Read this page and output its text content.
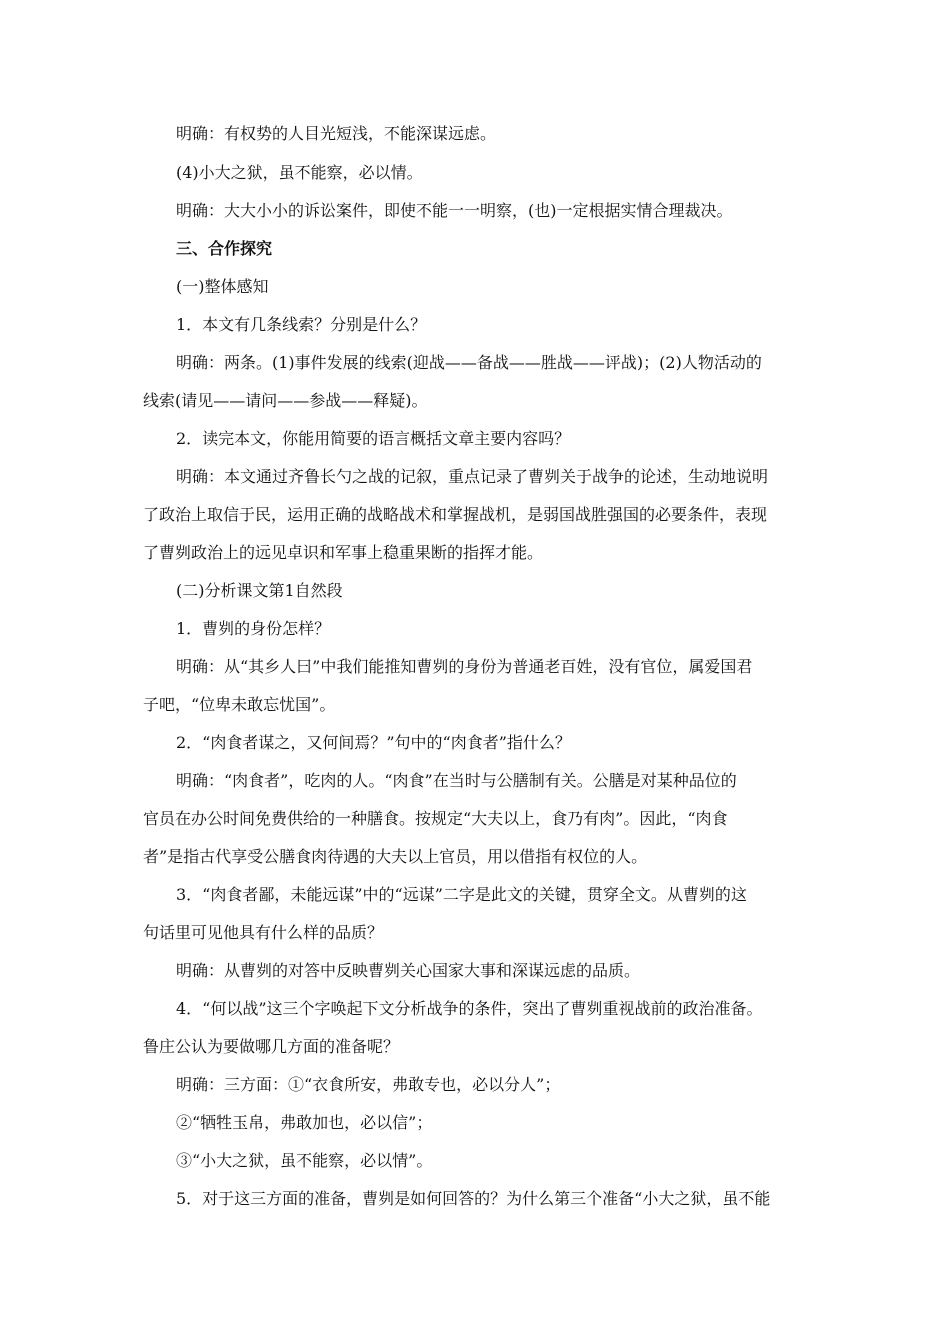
明确：有权势的人目光短浅，不能深谋远虑。
(4)小大之狱，虽不能察，必以情。
明确：大大小小的诉讼案件，即使不能一一明察，(也)一定根据实情合理裁决。
三、合作探究
(一)整体感知
1．本文有几条线索？分别是什么？
明确：两条。(1)事件发展的线索(迎战——备战——胜战——评战)；(2)人物活动的
线索(请见——请问——参战——释疑)。
2．读完本文，你能用简要的语言概括文章主要内容吗？
明确：本文通过齐鲁长勺之战的记叙，重点记录了曹刿关于战争的论述，生动地说明
了政治上取信于民，运用正确的战略战术和掌握战机，是弱国战胜强国的必要条件，表现
了曹刿政治上的远见卓识和军事上稳重果断的指挥才能。
(二)分析课文第1自然段
1．曹刿的身份怎样？
明确：从“其乡人曰”中我们能推知曹刿的身份为普通老百姓，没有官位，属爱国君
子吧，“位卑未敢忘忧国”。
2．“肉食者谋之，又何间焉？”句中的“肉食者”指什么？
明确：“肉食者”，吃肉的人。“肉食”在当时与公膳制有关。公膳是对某种品位的
官员在办公时间免费供给的一种膳食。按规定“大夫以上，食乃有肉”。因此，“肉食
者”是指古代享受公膳食肉待遇的大夫以上官员，用以借指有权位的人。
3．“肉食者鄙，未能远谋”中的“远谋”二字是此文的关键，贯穿全文。从曹刿的这
句话里可见他具有什么样的品质？
明确：从曹刿的对答中反映曹刿关心国家大事和深谋远虑的品质。
4．“何以战”这三个字唤起下文分析战争的条件，突出了曹刿重视战前的政治准备。
鲁庄公认为要做哪几方面的准备呢？
明确：三方面：①“衣食所安，弗敢专也，必以分人”；
②“牺牲玉帛，弗敢加也，必以信”；
③“小大之狱，虽不能察，必以情”。
5．对于这三方面的准备，曹刿是如何回答的？为什么第三个准备“小大之狱，虽不能
